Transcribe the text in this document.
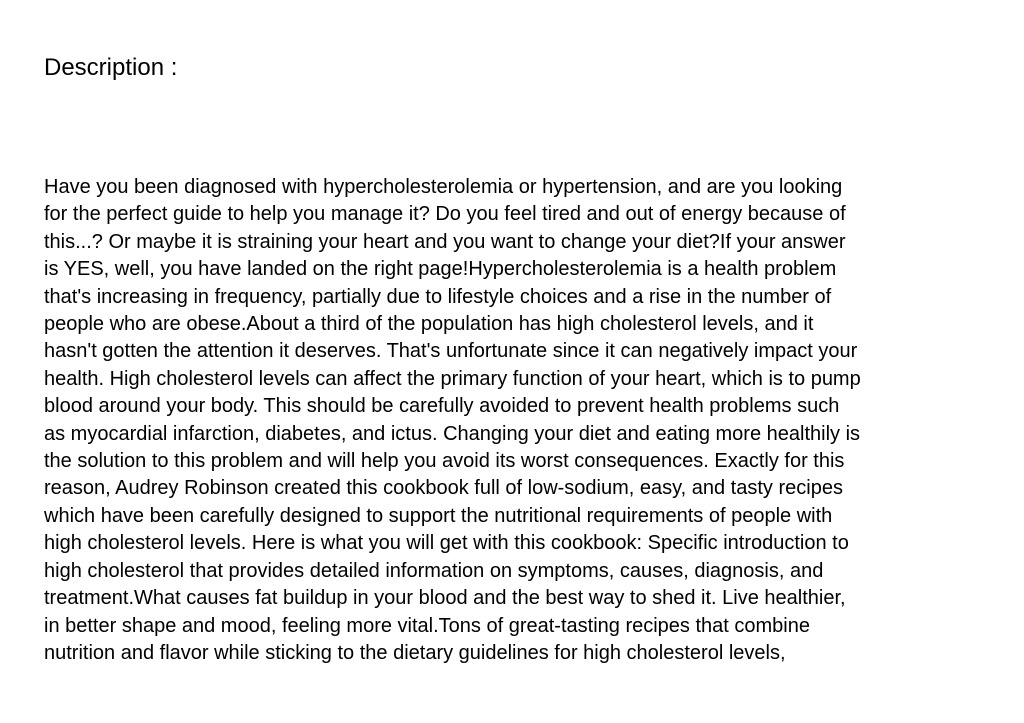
Description :
Have you been diagnosed with hypercholesterolemia or hypertension, and are you looking
for the perfect guide to help you manage it? Do you feel tired and out of energy because of
this...? Or maybe it is straining your heart and you want to change your diet?If your answer
is YES, well, you have landed on the right page!Hypercholesterolemia is a health problem
that's increasing in frequency, partially due to lifestyle choices and a rise in the number of
people who are obese.About a third of the population has high cholesterol levels, and it
hasn't gotten the attention it deserves. That's unfortunate since it can negatively impact your
health. High cholesterol levels can affect the primary function of your heart, which is to pump
blood around your body. This should be carefully avoided to prevent health problems such
as myocardial infarction, diabetes, and ictus. Changing your diet and eating more healthily is
the solution to this problem and will help you avoid its worst consequences. Exactly for this
reason, Audrey Robinson created this cookbook full of low-sodium, easy, and tasty recipes
which have been carefully designed to support the nutritional requirements of people with
high cholesterol levels. Here is what you will get with this cookbook: Specific introduction to
high cholesterol that provides detailed information on symptoms, causes, diagnosis, and
treatment.What causes fat buildup in your blood and the best way to shed it. Live healthier,
in better shape and mood, feeling more vital.Tons of great-tasting recipes that combine
nutrition and flavor while sticking to the dietary guidelines for high cholesterol levels,
